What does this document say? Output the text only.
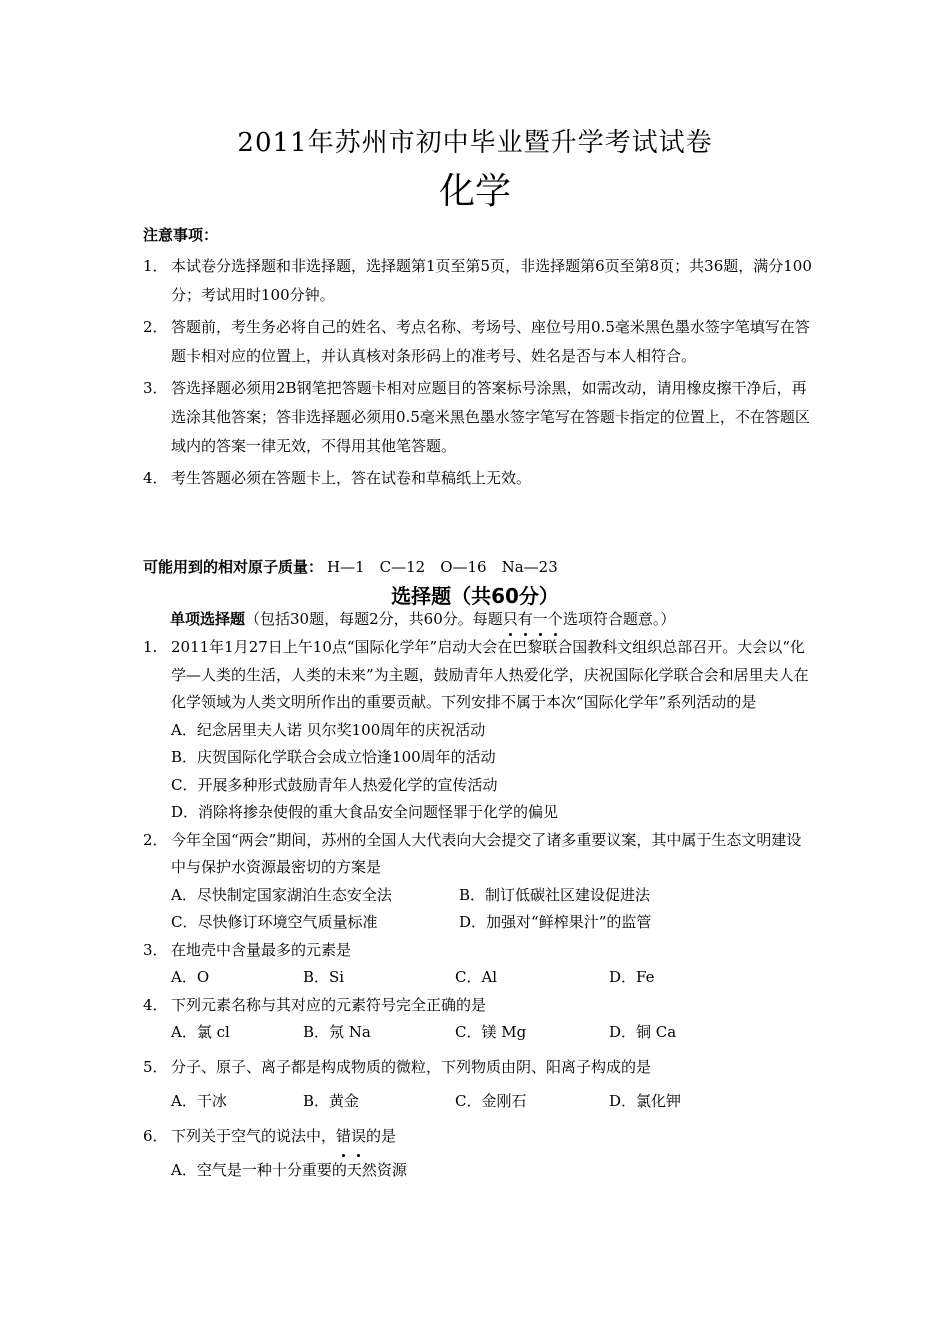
2011年苏州市初中毕业暨升学考试试卷
化学
注意事项：
1． 本试卷分选择题和非选择题，选择题第1页至第5页，非选择题第6页至第8页；共36题，满分100分；考试用时100分钟。
2． 答题前，考生务必将自己的姓名、考点名称、考场号、座位号用0.5毫米黑色墨水签字笔填写在答题卡相对应的位置上，并认真核对条形码上的准考号、姓名是否与本人相符合。
3． 答选择题必须用2B钢笔把答题卡相对应题目的答案标号涂黑，如需改动，请用橡皮擦干净后，再选涂其他答案；答非选择题必须用0.5毫米黑色墨水签字笔写在答题卡指定的位置上，不在答题区域内的答案一律无效，不得用其他笔答题。
4． 考生答题必须在答题卡上，答在试卷和草稿纸上无效。
可能用到的相对原子质量： H—1　C—12　O—16　Na—23
选择题（共60分）
单项选择题（包括30题，每题2分，共60分。每题只有一个选项符合题意。）
1. 2011年1月27日上午10点“国际化学年”启动大会在巴黎联合国教科文组织总部召开。大会以“化学—人类的生活，人类的未来”为主题，鼓励青年人热爱化学，庆祝国际化学联合会和居里夫人在化学领域为人类文明所作出的重要贡献。下列安排不属于本次“国际化学年”系列活动的是
A．纪念居里夫人诺 贝尔奖100周年的庆祝活动
B．庆贺国际化学联合会成立恰逢100周年的活动
C．开展多种形式鼓励青年人热爱化学的宣传活动
D．消除将掺杂使假的重大食品安全问题怪罪于化学的偏见
2． 今年全国“两会”期间，苏州的全国人大代表向大会提交了诸多重要议案，其中属于生态文明建设中与保护水资源最密切的方案是
A．尽快制定国家湖泊生态安全法	B．制订低碳社区建设促进法
C．尽快修订环境空气质量标准	D．加强对“鲜榨果汁”的监管
3． 在地壳中含量最多的元素是
A．O	B．Si	C．Al	D．Fe
4． 下列元素名称与其对应的元素符号完全正确的是
A．氯 cl	B．氖 Na	C．镁 Mg	D．铜 Ca
5． 分子、原子、离子都是构成物质的微粒，下列物质由阴、阳离子构成的是
A．干冰	B．黄金	C．金刚石	D．氯化钾
6． 下列关于空气的说法中，错误的是
A．空气是一种十分重要的天然资源
